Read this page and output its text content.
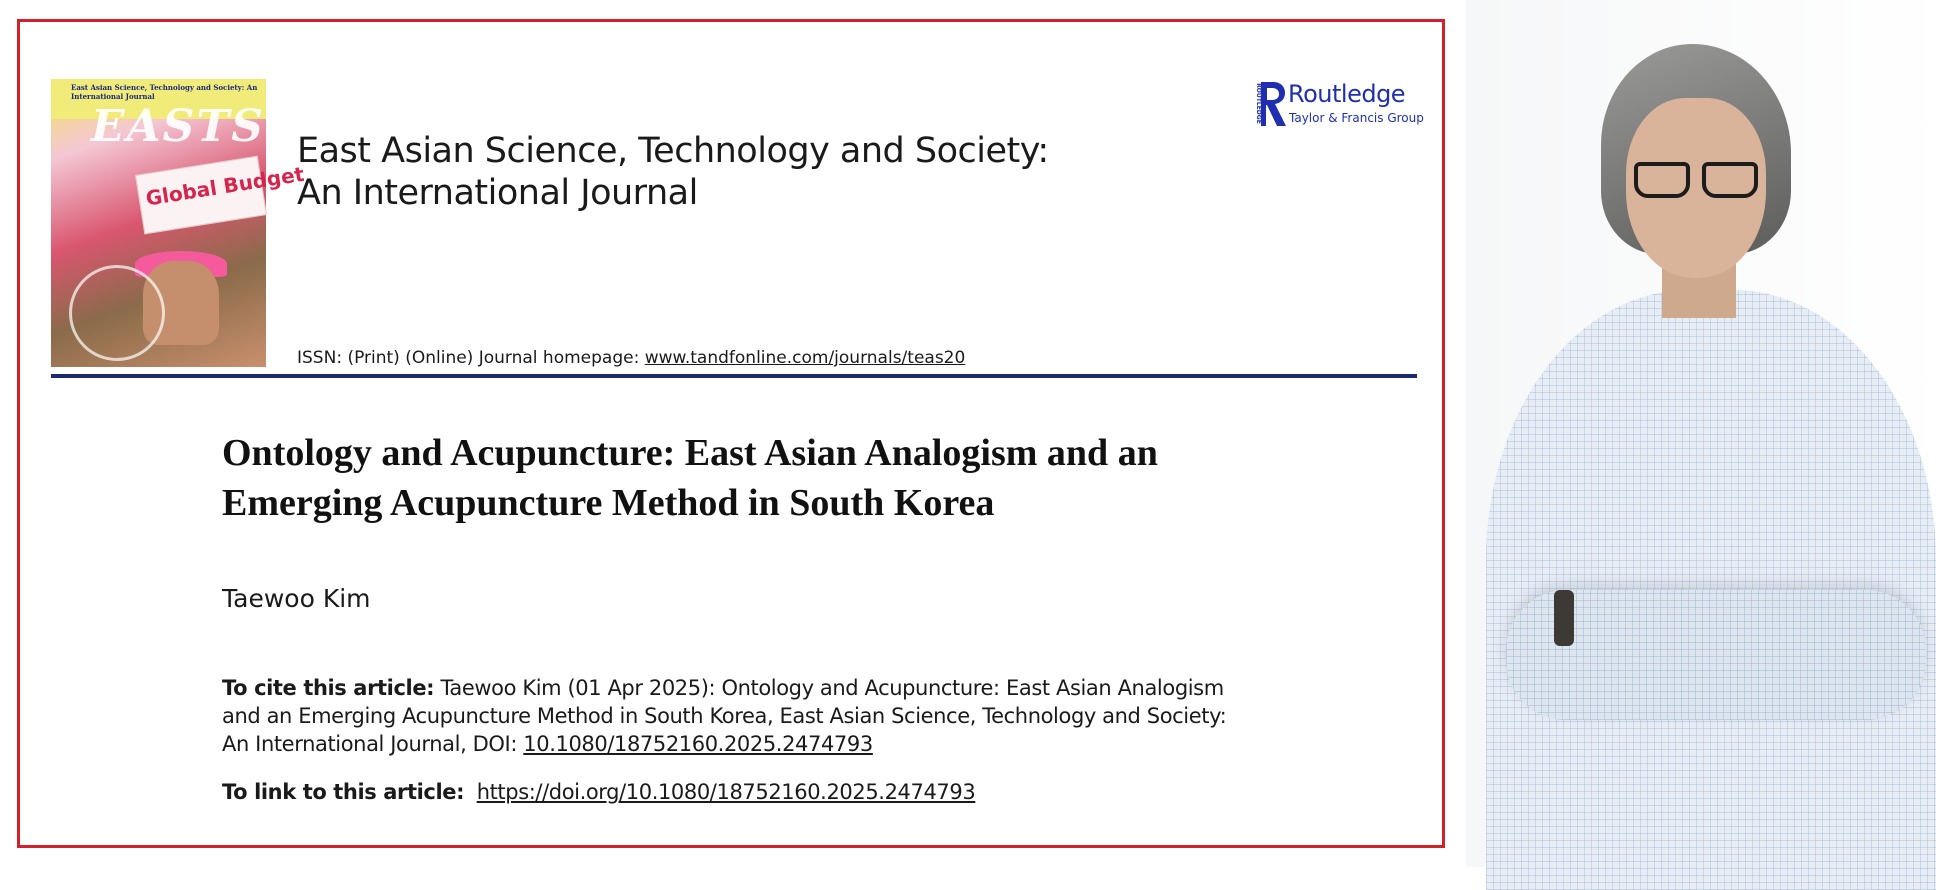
East Asian Science, Technology and Society: An International Journal
EASTS
Global Budget
East Asian Science, Technology and Society: An International Journal
ISSN: (Print) (Online) Journal homepage: www.tandfonline.com/journals/teas20
ROUTLEDGE Routledge
Taylor & Francis Group
Ontology and Acupuncture: East Asian Analogism and an Emerging Acupuncture Method in South Korea
Taewoo Kim
To cite this article: Taewoo Kim (01 Apr 2025): Ontology and Acupuncture: East Asian Analogism and an Emerging Acupuncture Method in South Korea, East Asian Science, Technology and Society: An International Journal, DOI: 10.1080/18752160.2025.2474793
To link to this article: https://doi.org/10.1080/18752160.2025.2474793
